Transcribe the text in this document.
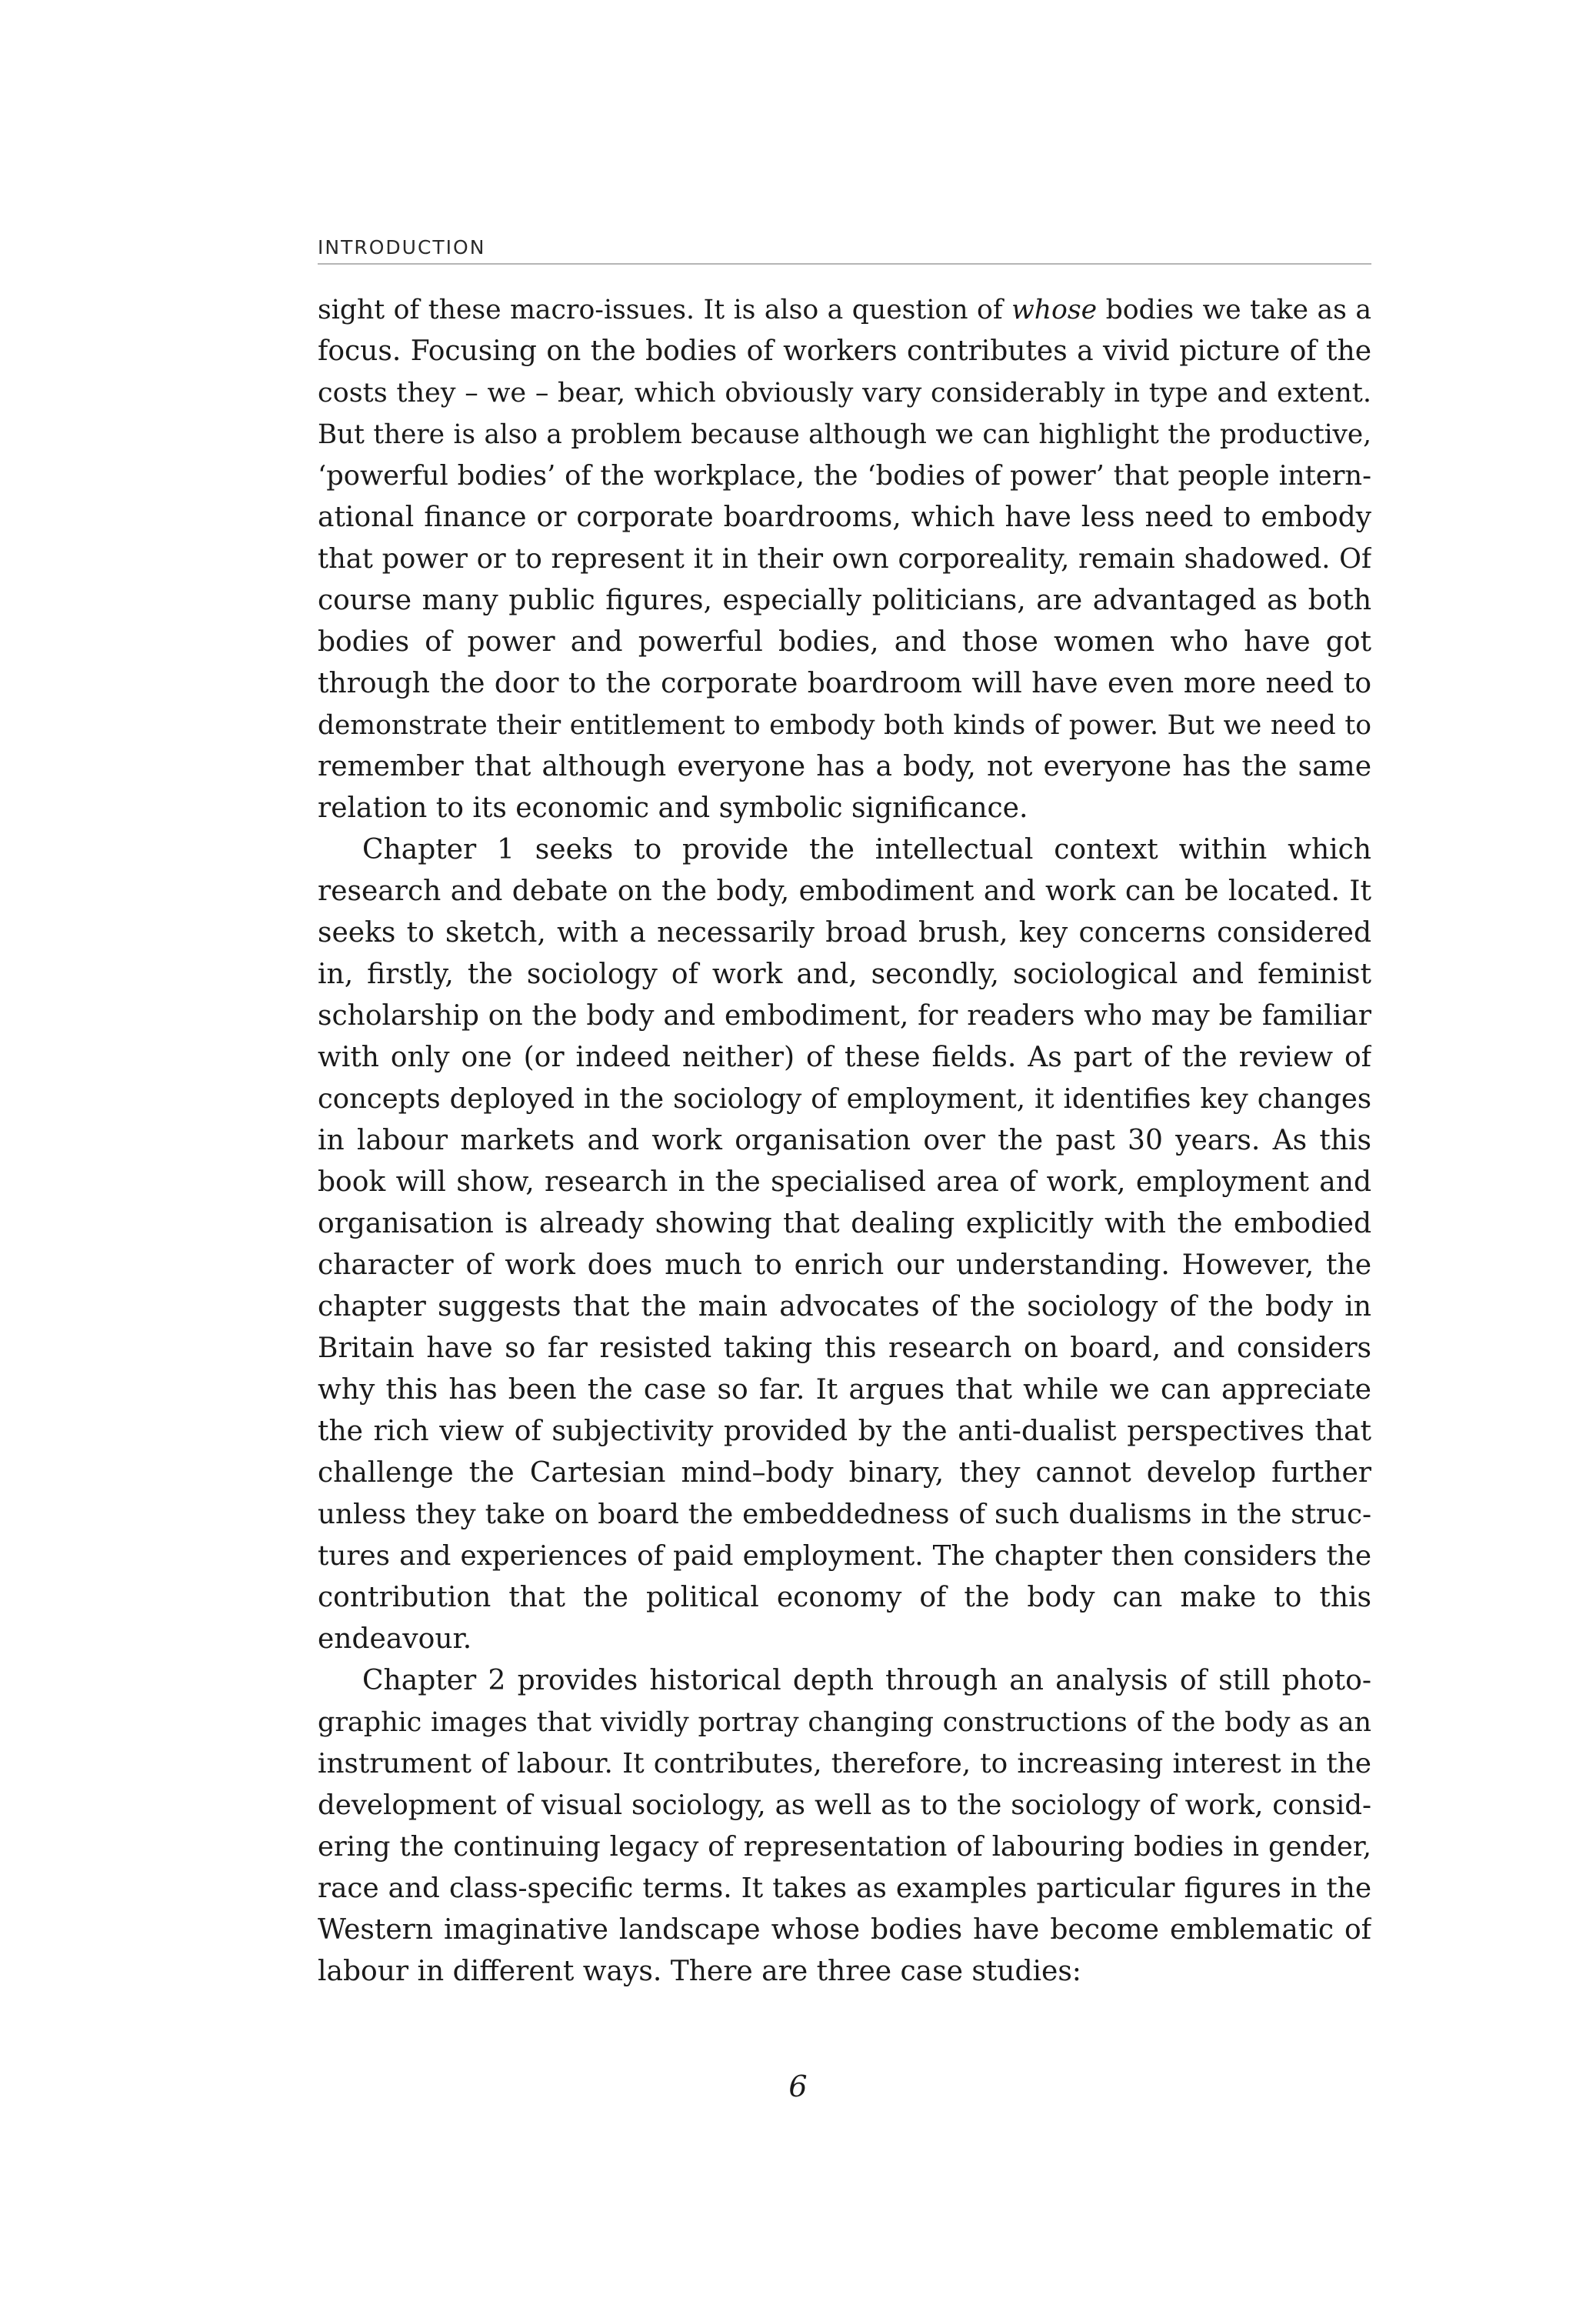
INTRODUCTION
sight of these macro-issues. It is also a question of whose bodies we take as a
focus. Focusing on the bodies of workers contributes a vivid picture of the
costs they – we – bear, which obviously vary considerably in type and extent.
But there is also a problem because although we can highlight the productive,
‘powerful bodies’ of the workplace, the ‘bodies of power’ that people intern-
ational finance or corporate boardrooms, which have less need to embody
that power or to represent it in their own corporeality, remain shadowed. Of
course many public figures, especially politicians, are advantaged as both
bodies of power and powerful bodies, and those women who have got
through the door to the corporate boardroom will have even more need to
demonstrate their entitlement to embody both kinds of power. But we need to
remember that although everyone has a body, not everyone has the same
relation to its economic and symbolic significance.
Chapter 1 seeks to provide the intellectual context within which
research and debate on the body, embodiment and work can be located. It
seeks to sketch, with a necessarily broad brush, key concerns considered
in, firstly, the sociology of work and, secondly, sociological and feminist
scholarship on the body and embodiment, for readers who may be familiar
with only one (or indeed neither) of these fields. As part of the review of
concepts deployed in the sociology of employment, it identifies key changes
in labour markets and work organisation over the past 30 years. As this
book will show, research in the specialised area of work, employment and
organisation is already showing that dealing explicitly with the embodied
character of work does much to enrich our understanding. However, the
chapter suggests that the main advocates of the sociology of the body in
Britain have so far resisted taking this research on board, and considers
why this has been the case so far. It argues that while we can appreciate
the rich view of subjectivity provided by the anti-dualist perspectives that
challenge the Cartesian mind–body binary, they cannot develop further
unless they take on board the embeddedness of such dualisms in the struc-
tures and experiences of paid employment. The chapter then considers the
contribution that the political economy of the body can make to this
endeavour.
Chapter 2 provides historical depth through an analysis of still photo-
graphic images that vividly portray changing constructions of the body as an
instrument of labour. It contributes, therefore, to increasing interest in the
development of visual sociology, as well as to the sociology of work, consid-
ering the continuing legacy of representation of labouring bodies in gender,
race and class-specific terms. It takes as examples particular figures in the
Western imaginative landscape whose bodies have become emblematic of
labour in different ways. There are three case studies:
6
